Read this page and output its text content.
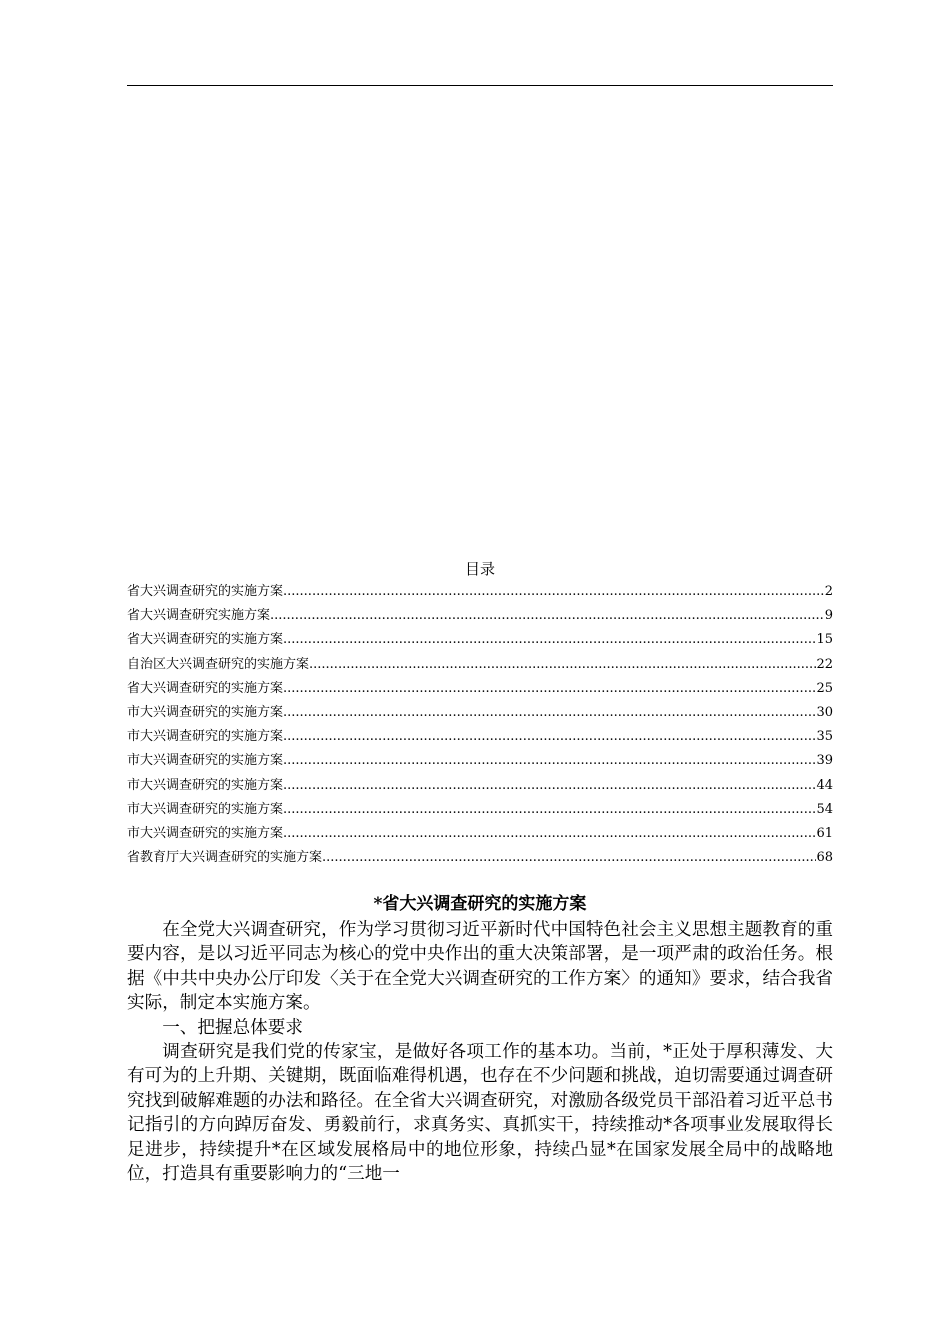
目录
省大兴调查研究的实施方案 .....	2
省大兴调查研究实施方案 .....	9
省大兴调查研究的实施方案 .....	15
自治区大兴调查研究的实施方案 .....	22
省大兴调查研究的实施方案 .....	25
市大兴调查研究的实施方案 .....	30
市大兴调查研究的实施方案 .....	35
市大兴调查研究的实施方案 .....	39
市大兴调查研究的实施方案 .....	44
市大兴调查研究的实施方案 .....	54
市大兴调查研究的实施方案 .....	61
省教育厅大兴调查研究的实施方案 .....	68
*省大兴调查研究的实施方案

在全党大兴调查研究，作为学习贯彻习近平新时代中国特色社会主义思想主题教育的重要内容，是以习近平同志为核心的党中央作出的重大决策部署，是一项严肃的政治任务。根据《中共中央办公厅印发〈关于在全党大兴调查研究的工作方案〉的通知》要求，结合我省实际，制定本实施方案。

一、把握总体要求

调查研究是我们党的传家宝，是做好各项工作的基本功。当前，*正处于厚积薄发、大有可为的上升期、关键期，既面临难得机遇，也存在不少问题和挑战，迫切需要通过调查研究找到破解难题的办法和路径。在全省大兴调查研究，对激励各级党员干部沿着习近平总书记指引的方向踔厉奋发、勇毅前行，求真务实、真抓实干，持续推动*各项事业发展取得长足进步，持续提升*在区域发展格局中的地位形象，持续凸显*在国家发展全局中的战略地位，打造具有重要影响力的“三地一
